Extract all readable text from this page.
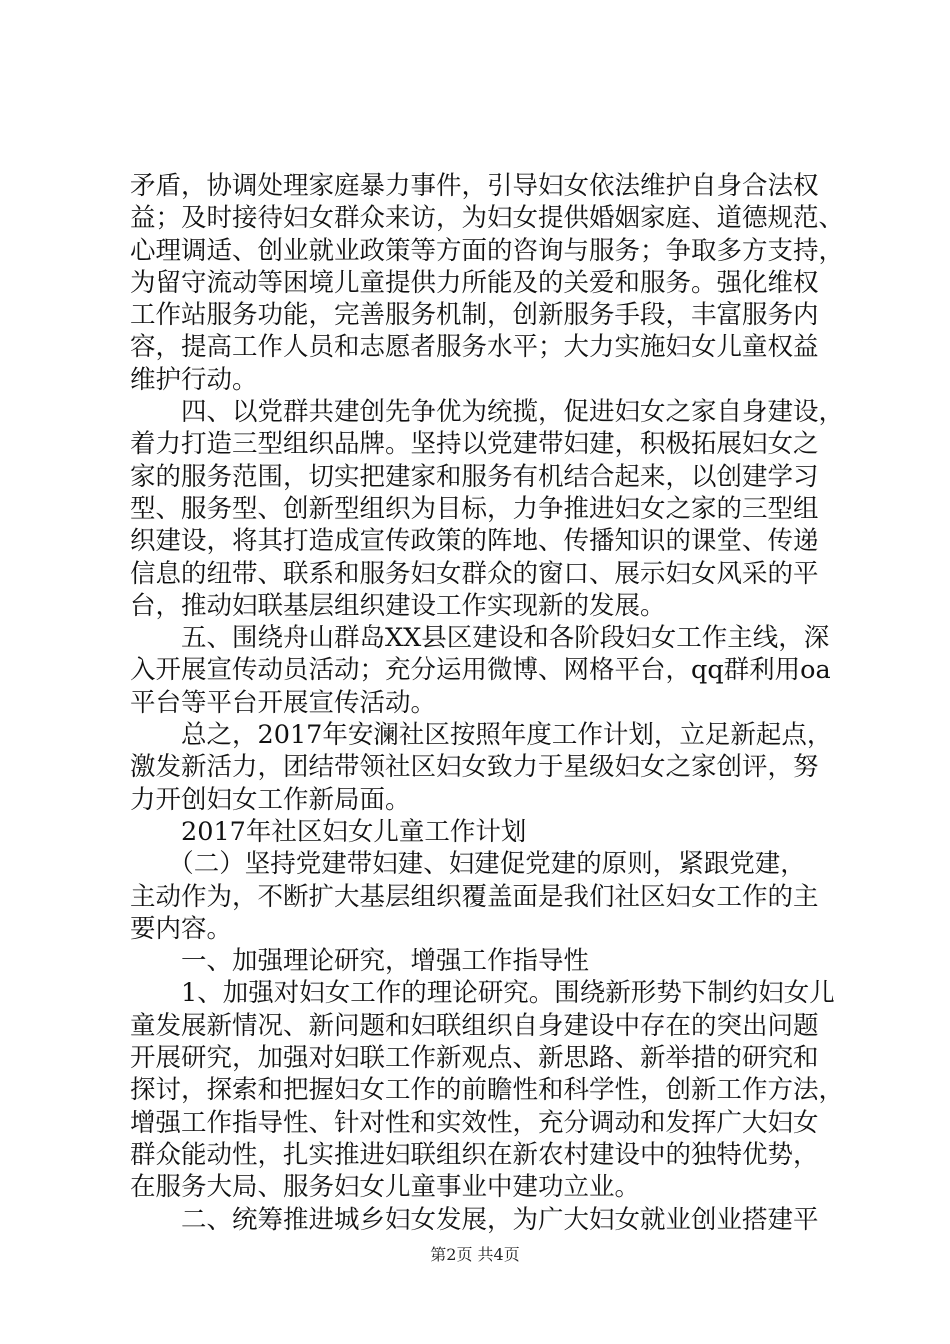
矛盾，协调处理家庭暴力事件，引导妇女依法维护自身合法权
益；及时接待妇女群众来访，为妇女提供婚姻家庭、道德规范、
心理调适、创业就业政策等方面的咨询与服务；争取多方支持，
为留守流动等困境儿童提供力所能及的关爱和服务。强化维权
工作站服务功能，完善服务机制，创新服务手段，丰富服务内
容，提高工作人员和志愿者服务水平；大力实施妇女儿童权益
维护行动。
　　四、以党群共建创先争优为统揽，促进妇女之家自身建设，
着力打造三型组织品牌。坚持以党建带妇建，积极拓展妇女之
家的服务范围，切实把建家和服务有机结合起来，以创建学习
型、服务型、创新型组织为目标，力争推进妇女之家的三型组
织建设，将其打造成宣传政策的阵地、传播知识的课堂、传递
信息的纽带、联系和服务妇女群众的窗口、展示妇女风采的平
台，推动妇联基层组织建设工作实现新的发展。
　　五、围绕舟山群岛XX县区建设和各阶段妇女工作主线，深
入开展宣传动员活动；充分运用微博、网格平台，qq群利用oa
平台等平台开展宣传活动。
　　总之，2017年安澜社区按照年度工作计划，立足新起点，
激发新活力，团结带领社区妇女致力于星级妇女之家创评，努
力开创妇女工作新局面。
　　2017年社区妇女儿童工作计划
　　（二）坚持党建带妇建、妇建促党建的原则，紧跟党建，
主动作为，不断扩大基层组织覆盖面是我们社区妇女工作的主
要内容。
　　一、加强理论研究，增强工作指导性
　　1、加强对妇女工作的理论研究。围绕新形势下制约妇女儿
童发展新情况、新问题和妇联组织自身建设中存在的突出问题
开展研究，加强对妇联工作新观点、新思路、新举措的研究和
探讨，探索和把握妇女工作的前瞻性和科学性，创新工作方法，
增强工作指导性、针对性和实效性，充分调动和发挥广大妇女
群众能动性，扎实推进妇联组织在新农村建设中的独特优势，
在服务大局、服务妇女儿童事业中建功立业。
　　二、统筹推进城乡妇女发展，为广大妇女就业创业搭建平
第2页 共4页
